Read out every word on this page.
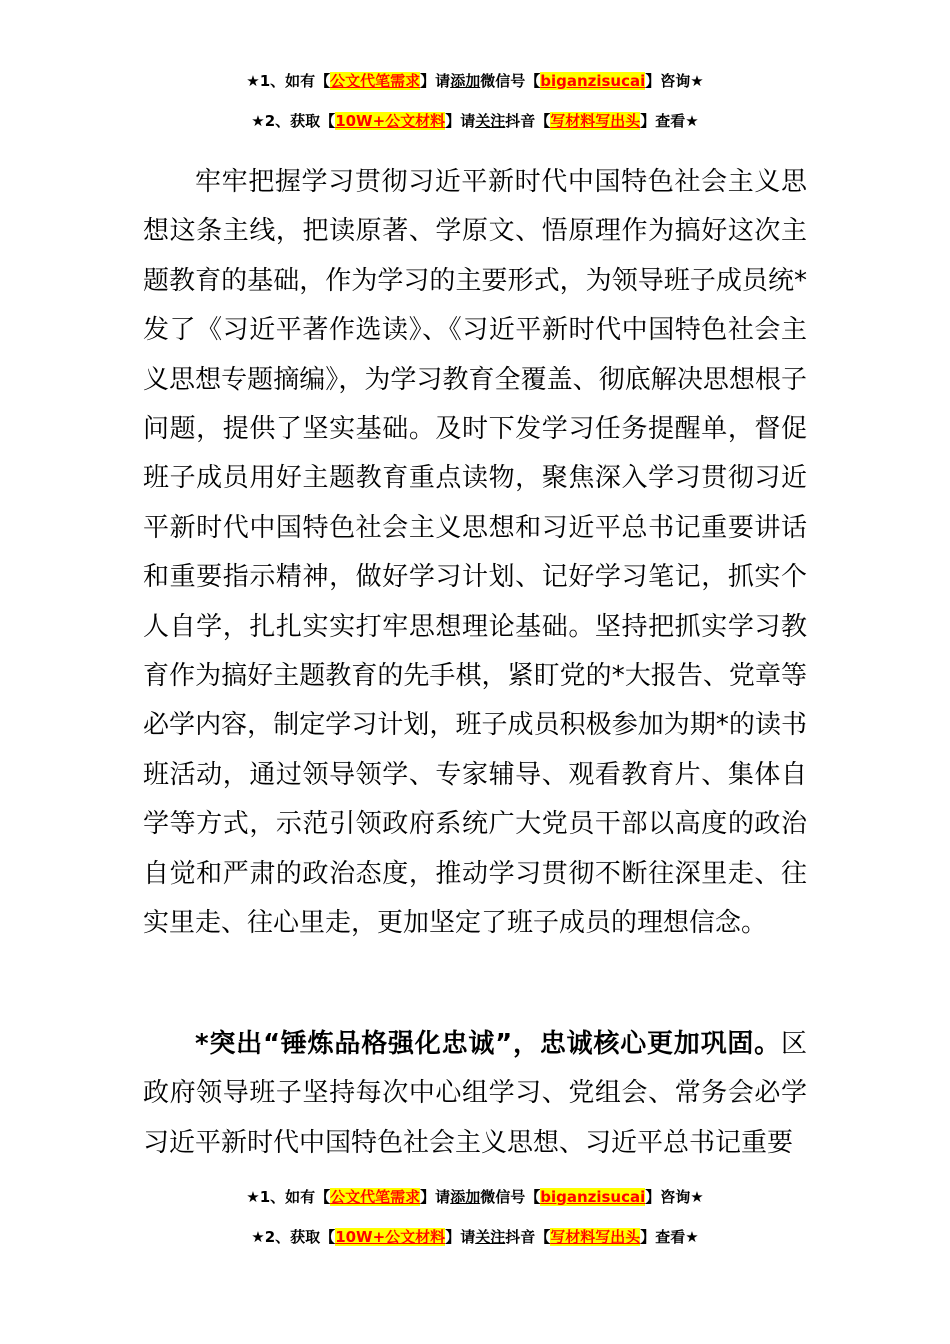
★1、如有【公文代笔需求】请添加微信号【biganzisucai】咨询★
★2、获取【10W+公文材料】请关注抖音【写材料写出头】查看★

牢牢把握学习贯彻习近平新时代中国特色社会主义思想这条主线，把读原著、学原文、悟原理作为搞好这次主题教育的基础，作为学习的主要形式，为领导班子成员统*发了《习近平著作选读》、《习近平新时代中国特色社会主义思想专题摘编》，为学习教育全覆盖、彻底解决思想根子问题，提供了坚实基础。及时下发学习任务提醒单，督促班子成员用好主题教育重点读物，聚焦深入学习贯彻习近平新时代中国特色社会主义思想和习近平总书记重要讲话和重要指示精神，做好学习计划、记好学习笔记，抓实个人自学，扎扎实实打牢思想理论基础。坚持把抓实学习教育作为搞好主题教育的先手棋，紧盯党的*大报告、党章等必学内容，制定学习计划，班子成员积极参加为期*的读书班活动，通过领导领学、专家辅导、观看教育片、集体自学等方式，示范引领政府系统广大党员干部以高度的政治自觉和严肃的政治态度，推动学习贯彻不断往深里走、往实里走、往心里走，更加坚定了班子成员的理想信念。

*突出“锤炼品格强化忠诚”，忠诚核心更加巩固。区政府领导班子坚持每次中心组学习、党组会、常务会必学习近平新时代中国特色社会主义思想、习近平总书记重要

★1、如有【公文代笔需求】请添加微信号【biganzisucai】咨询★
★2、获取【10W+公文材料】请关注抖音【写材料写出头】查看★
